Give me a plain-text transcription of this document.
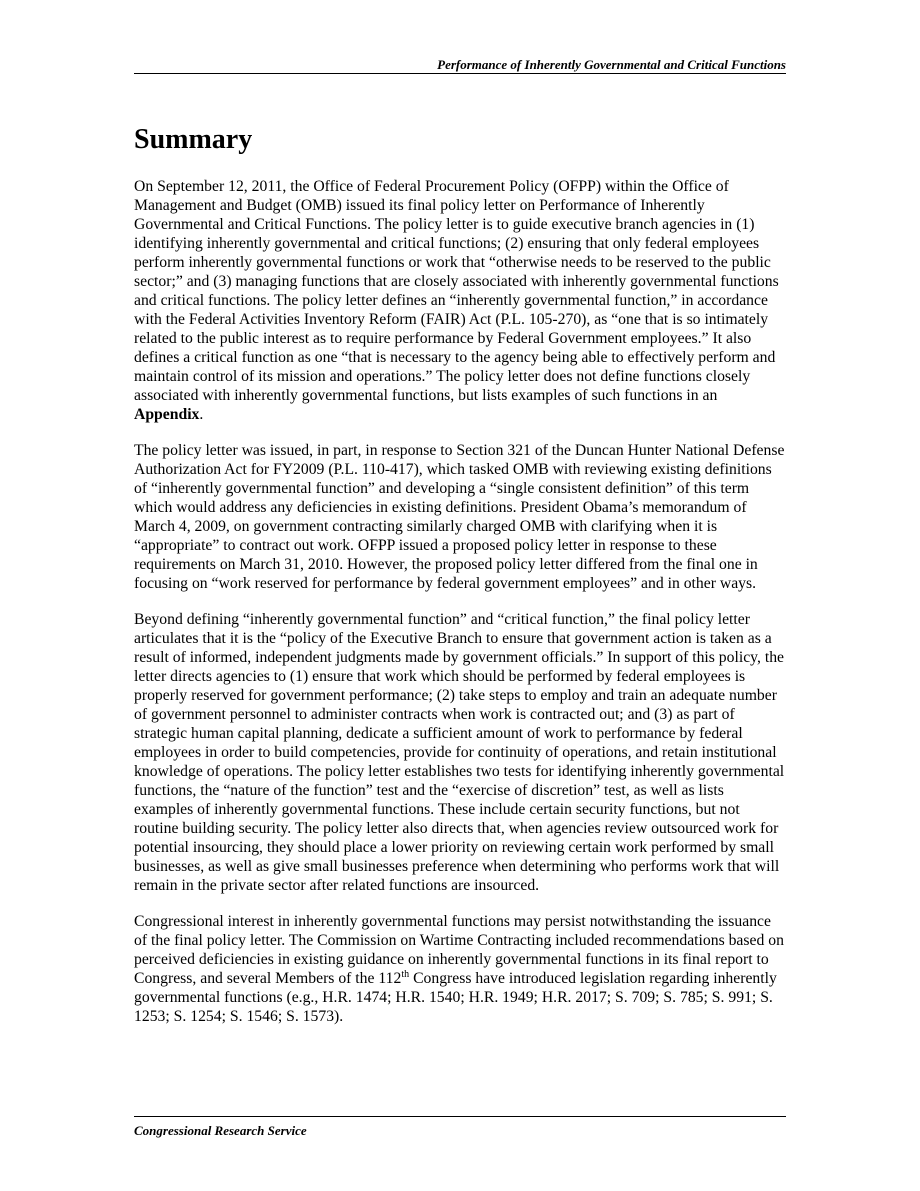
Performance of Inherently Governmental and Critical Functions
Summary

On September 12, 2011, the Office of Federal Procurement Policy (OFPP) within the Office of Management and Budget (OMB) issued its final policy letter on Performance of Inherently Governmental and Critical Functions. The policy letter is to guide executive branch agencies in (1) identifying inherently governmental and critical functions; (2) ensuring that only federal employees perform inherently governmental functions or work that “otherwise needs to be reserved to the public sector;” and (3) managing functions that are closely associated with inherently governmental functions and critical functions. The policy letter defines an “inherently governmental function,” in accordance with the Federal Activities Inventory Reform (FAIR) Act (P.L. 105-270), as “one that is so intimately related to the public interest as to require performance by Federal Government employees.” It also defines a critical function as one “that is necessary to the agency being able to effectively perform and maintain control of its mission and operations.” The policy letter does not define functions closely associated with inherently governmental functions, but lists examples of such functions in an Appendix.

The policy letter was issued, in part, in response to Section 321 of the Duncan Hunter National Defense Authorization Act for FY2009 (P.L. 110-417), which tasked OMB with reviewing existing definitions of “inherently governmental function” and developing a “single consistent definition” of this term which would address any deficiencies in existing definitions. President Obama’s memorandum of March 4, 2009, on government contracting similarly charged OMB with clarifying when it is “appropriate” to contract out work. OFPP issued a proposed policy letter in response to these requirements on March 31, 2010. However, the proposed policy letter differed from the final one in focusing on “work reserved for performance by federal government employees” and in other ways.

Beyond defining “inherently governmental function” and “critical function,” the final policy letter articulates that it is the “policy of the Executive Branch to ensure that government action is taken as a result of informed, independent judgments made by government officials.” In support of this policy, the letter directs agencies to (1) ensure that work which should be performed by federal employees is properly reserved for government performance; (2) take steps to employ and train an adequate number of government personnel to administer contracts when work is contracted out; and (3) as part of strategic human capital planning, dedicate a sufficient amount of work to performance by federal employees in order to build competencies, provide for continuity of operations, and retain institutional knowledge of operations. The policy letter establishes two tests for identifying inherently governmental functions, the “nature of the function” test and the “exercise of discretion” test, as well as lists examples of inherently governmental functions. These include certain security functions, but not routine building security. The policy letter also directs that, when agencies review outsourced work for potential insourcing, they should place a lower priority on reviewing certain work performed by small businesses, as well as give small businesses preference when determining who performs work that will remain in the private sector after related functions are insourced.

Congressional interest in inherently governmental functions may persist notwithstanding the issuance of the final policy letter. The Commission on Wartime Contracting included recommendations based on perceived deficiencies in existing guidance on inherently governmental functions in its final report to Congress, and several Members of the 112th Congress have introduced legislation regarding inherently governmental functions (e.g., H.R. 1474; H.R. 1540; H.R. 1949; H.R. 2017; S. 709; S. 785; S. 991; S. 1253; S. 1254; S. 1546; S. 1573).

Congressional Research Service
